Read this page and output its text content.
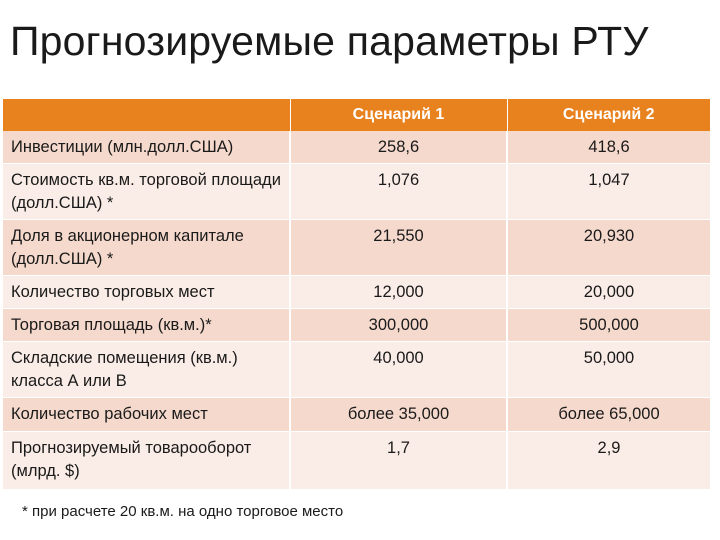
Прогнозируемые параметры РТУ
	Сценарий 1	Сценарий 2
Инвестиции (млн.долл.США)	258,6	418,6
Стоимость кв.м. торговой площади (долл.США) *	1,076	1,047
Доля в акционерном капитале (долл.США) *	21,550	20,930
Количество торговых мест	12,000	20,000
Торговая площадь (кв.м.)*	300,000	500,000
Складские помещения (кв.м.) класса А или В	40,000	50,000
Количество рабочих мест	более 35,000	более 65,000
Прогнозируемый товарооборот (млрд. $)	1,7	2,9
* при расчете 20 кв.м. на одно торговое место
